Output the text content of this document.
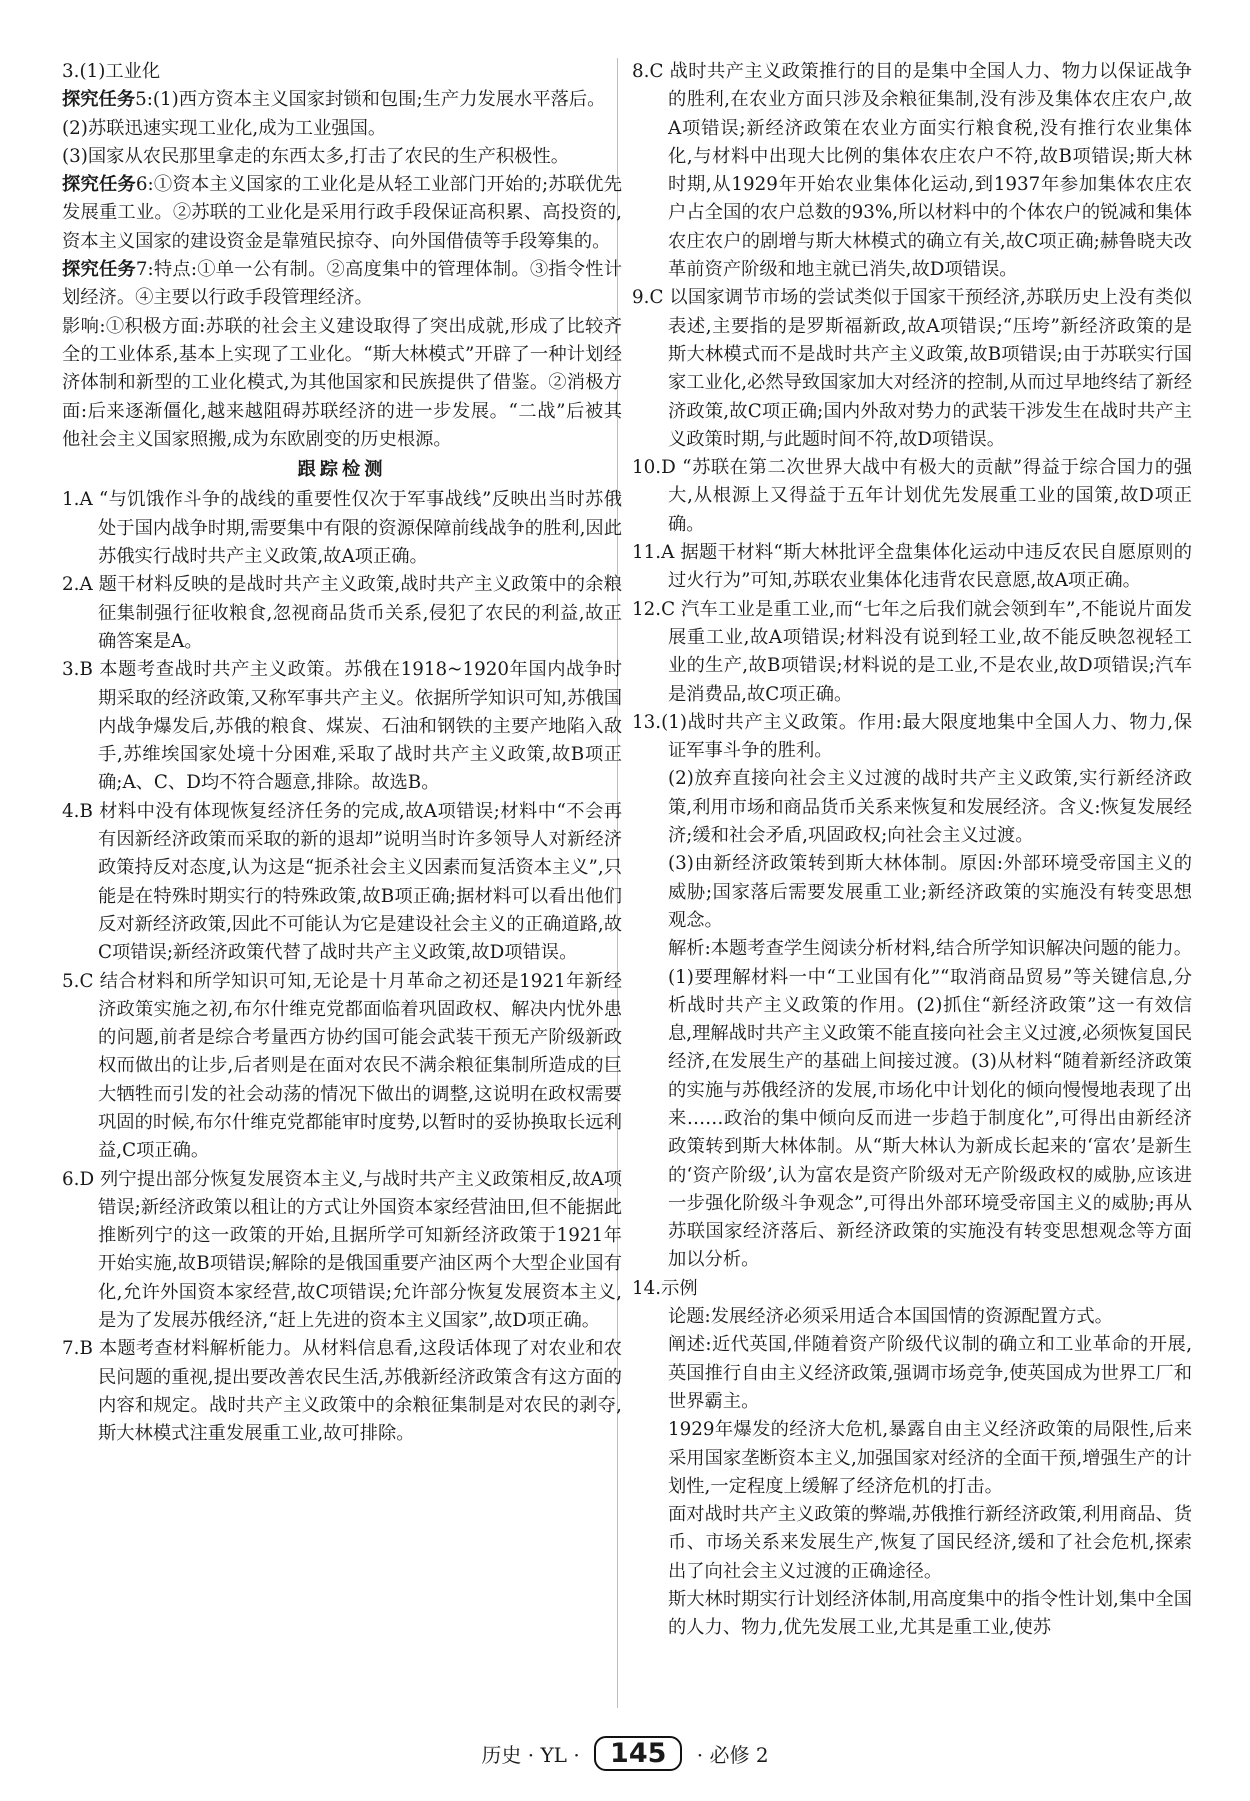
3.(1)工业化

探究任务5:(1)西方资本主义国家封锁和包围;生产力发展水平落后。

(2)苏联迅速实现工业化,成为工业强国。

(3)国家从农民那里拿走的东西太多,打击了农民的生产积极性。

探究任务6:①资本主义国家的工业化是从轻工业部门开始的;苏联优先发展重工业。②苏联的工业化是采用行政手段保证高积累、高投资的,资本主义国家的建设资金是靠殖民掠夺、向外国借债等手段筹集的。

探究任务7:特点:①单一公有制。②高度集中的管理体制。③指令性计划经济。④主要以行政手段管理经济。

影响:①积极方面:苏联的社会主义建设取得了突出成就,形成了比较齐全的工业体系,基本上实现了工业化。“斯大林模式”开辟了一种计划经济体制和新型的工业化模式,为其他国家和民族提供了借鉴。②消极方面:后来逐渐僵化,越来越阻碍苏联经济的进一步发展。“二战”后被其他社会主义国家照搬,成为东欧剧变的历史根源。

跟踪检测

1.A “与饥饿作斗争的战线的重要性仅次于军事战线”反映出当时苏俄处于国内战争时期,需要集中有限的资源保障前线战争的胜利,因此苏俄实行战时共产主义政策,故A项正确。

2.A 题干材料反映的是战时共产主义政策,战时共产主义政策中的余粮征集制强行征收粮食,忽视商品货币关系,侵犯了农民的利益,故正确答案是A。

3.B 本题考查战时共产主义政策。苏俄在1918~1920年国内战争时期采取的经济政策,又称军事共产主义。依据所学知识可知,苏俄国内战争爆发后,苏俄的粮食、煤炭、石油和钢铁的主要产地陷入敌手,苏维埃国家处境十分困难,采取了战时共产主义政策,故B项正确;A、C、D均不符合题意,排除。故选B。

4.B 材料中没有体现恢复经济任务的完成,故A项错误;材料中“不会再有因新经济政策而采取的新的退却”说明当时许多领导人对新经济政策持反对态度,认为这是“扼杀社会主义因素而复活资本主义”,只能是在特殊时期实行的特殊政策,故B项正确;据材料可以看出他们反对新经济政策,因此不可能认为它是建设社会主义的正确道路,故C项错误;新经济政策代替了战时共产主义政策,故D项错误。

5.C 结合材料和所学知识可知,无论是十月革命之初还是1921年新经济政策实施之初,布尔什维克党都面临着巩固政权、解决内忧外患的问题,前者是综合考量西方协约国可能会武装干预无产阶级新政权而做出的让步,后者则是在面对农民不满余粮征集制所造成的巨大牺牲而引发的社会动荡的情况下做出的调整,这说明在政权需要巩固的时候,布尔什维克党都能审时度势,以暂时的妥协换取长远利益,C项正确。

6.D 列宁提出部分恢复发展资本主义,与战时共产主义政策相反,故A项错误;新经济政策以租让的方式让外国资本家经营油田,但不能据此推断列宁的这一政策的开始,且据所学可知新经济政策于1921年开始实施,故B项错误;解除的是俄国重要产油区两个大型企业国有化,允许外国资本家经营,故C项错误;允许部分恢复发展资本主义,是为了发展苏俄经济,“赶上先进的资本主义国家”,故D项正确。

7.B 本题考查材料解析能力。从材料信息看,这段话体现了对农业和农民问题的重视,提出要改善农民生活,苏俄新经济政策含有这方面的内容和规定。战时共产主义政策中的余粮征集制是对农民的剥夺,斯大林模式注重发展重工业,故可排除。

8.C 战时共产主义政策推行的目的是集中全国人力、物力以保证战争的胜利,在农业方面只涉及余粮征集制,没有涉及集体农庄农户,故A项错误;新经济政策在农业方面实行粮食税,没有推行农业集体化,与材料中出现大比例的集体农庄农户不符,故B项错误;斯大林时期,从1929年开始农业集体化运动,到1937年参加集体农庄农户占全国的农户总数的93%,所以材料中的个体农户的锐减和集体农庄农户的剧增与斯大林模式的确立有关,故C项正确;赫鲁晓夫改革前资产阶级和地主就已消失,故D项错误。

9.C 以国家调节市场的尝试类似于国家干预经济,苏联历史上没有类似表述,主要指的是罗斯福新政,故A项错误;“压垮”新经济政策的是斯大林模式而不是战时共产主义政策,故B项错误;由于苏联实行国家工业化,必然导致国家加大对经济的控制,从而过早地终结了新经济政策,故C项正确;国内外敌对势力的武装干涉发生在战时共产主义政策时期,与此题时间不符,故D项错误。

10.D “苏联在第二次世界大战中有极大的贡献”得益于综合国力的强大,从根源上又得益于五年计划优先发展重工业的国策,故D项正确。

11.A 据题干材料“斯大林批评全盘集体化运动中违反农民自愿原则的过火行为”可知,苏联农业集体化违背农民意愿,故A项正确。

12.C 汽车工业是重工业,而“七年之后我们就会领到车”,不能说片面发展重工业,故A项错误;材料没有说到轻工业,故不能反映忽视轻工业的生产,故B项错误;材料说的是工业,不是农业,故D项错误;汽车是消费品,故C项正确。

13.(1)战时共产主义政策。作用:最大限度地集中全国人力、物力,保证军事斗争的胜利。

(2)放弃直接向社会主义过渡的战时共产主义政策,实行新经济政策,利用市场和商品货币关系来恢复和发展经济。含义:恢复发展经济;缓和社会矛盾,巩固政权;向社会主义过渡。

(3)由新经济政策转到斯大林体制。原因:外部环境受帝国主义的威胁;国家落后需要发展重工业;新经济政策的实施没有转变思想观念。

解析:本题考查学生阅读分析材料,结合所学知识解决问题的能力。(1)要理解材料一中“工业国有化”“取消商品贸易”等关键信息,分析战时共产主义政策的作用。(2)抓住“新经济政策”这一有效信息,理解战时共产主义政策不能直接向社会主义过渡,必须恢复国民经济,在发展生产的基础上间接过渡。(3)从材料“随着新经济政策的实施与苏俄经济的发展,市场化中计划化的倾向慢慢地表现了出来……政治的集中倾向反而进一步趋于制度化”,可得出由新经济政策转到斯大林体制。从“斯大林认为新成长起来的‘富农’是新生的‘资产阶级’,认为富农是资产阶级对无产阶级政权的威胁,应该进一步强化阶级斗争观念”,可得出外部环境受帝国主义的威胁;再从苏联国家经济落后、新经济政策的实施没有转变思想观念等方面加以分析。

14.示例

论题:发展经济必须采用适合本国国情的资源配置方式。

阐述:近代英国,伴随着资产阶级代议制的确立和工业革命的开展,英国推行自由主义经济政策,强调市场竞争,使英国成为世界工厂和世界霸主。

1929年爆发的经济大危机,暴露自由主义经济政策的局限性,后来采用国家垄断资本主义,加强国家对经济的全面干预,增强生产的计划性,一定程度上缓解了经济危机的打击。

面对战时共产主义政策的弊端,苏俄推行新经济政策,利用商品、货币、市场关系来发展生产,恢复了国民经济,缓和了社会危机,探索出了向社会主义过渡的正确途径。

斯大林时期实行计划经济体制,用高度集中的指令性计划,集中全国的人力、物力,优先发展工业,尤其是重工业,使苏

历史 · YL · 145 · 必修 2
